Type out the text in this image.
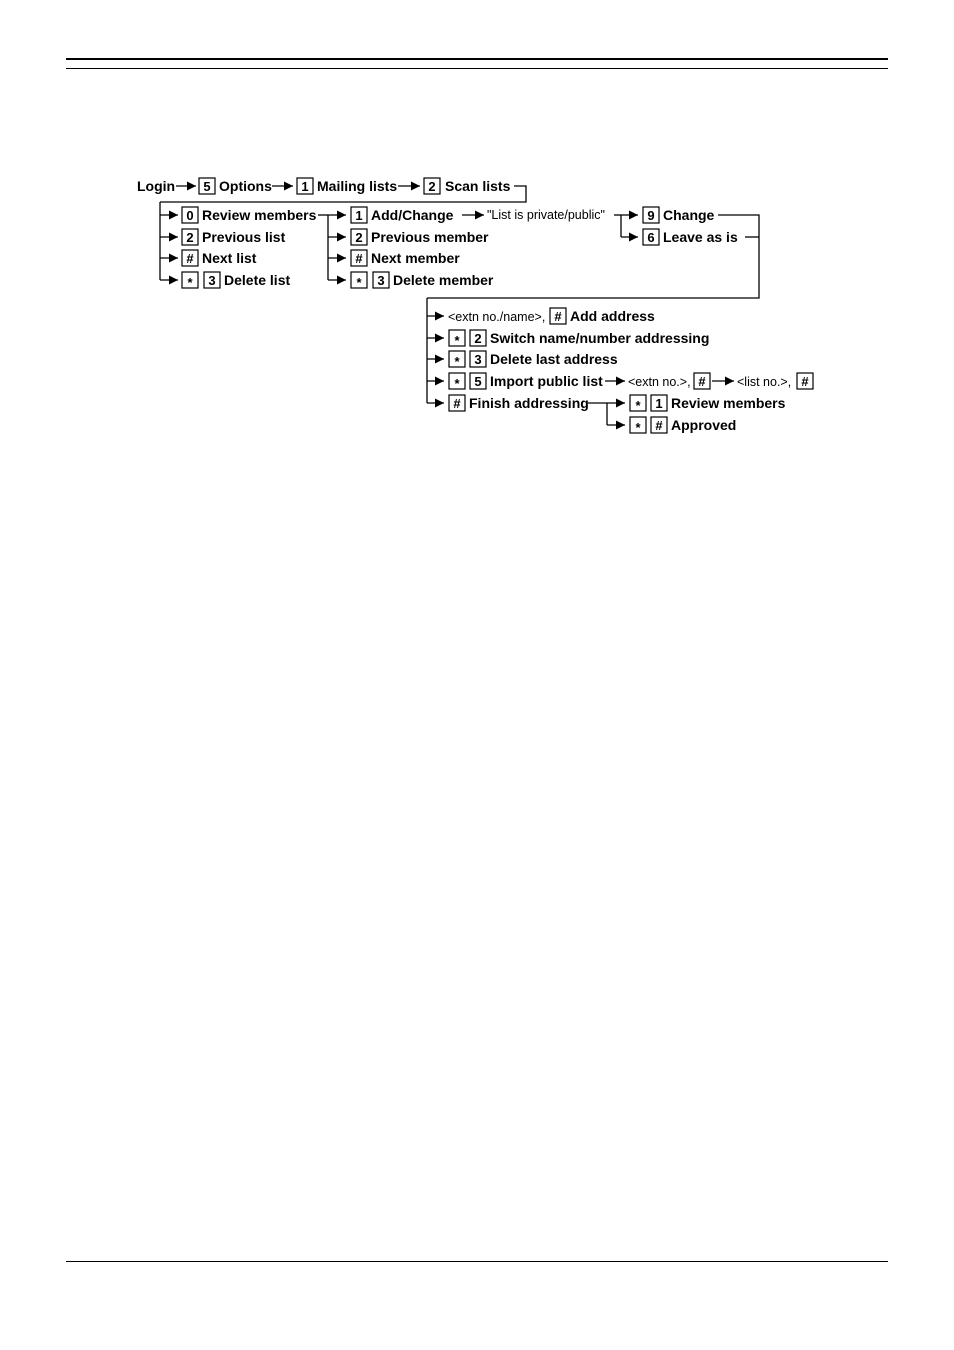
Login 5 Options 1 Mailing lists 2 Scan lists
0 Review members
2 Previous list
# Next list
* 3 Delete list
1 Add/Change
2 Previous member
# Next member
* 3 Delete member
"List is private/public"	9 Change
6 Leave as is
<extn no./name>, # Add address
* 2 Switch name/number addressing
* 3 Delete last address
* 5 Import public list <extn no.>, #	<list no.>, #
# Finish addressing	* 1 Review members
* # Approved
